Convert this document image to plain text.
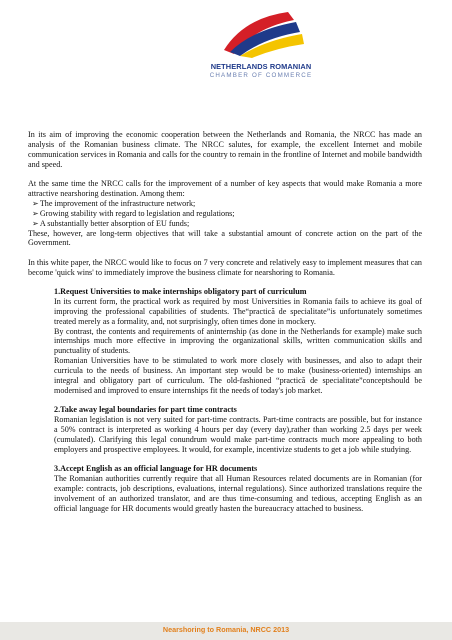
NETHERLANDS ROMANIAN
CHAMBER OF COMMERCE

In its aim of improving the economic cooperation between the Netherlands and Romania, the NRCC has made an analysis of the Romanian business climate. The NRCC salutes, for example, the excellent Internet and mobile communication services in Romania and calls for the country to remain in the frontline of Internet and mobile bandwidth and speed.

At the same time the NRCC calls for the improvement of a number of key aspects that would make Romania a more attractive nearshoring destination. Among them:

➢ The improvement of the infrastructure network;
➢ Growing stability with regard to legislation and regulations;
➢ A substantially better absorption of EU funds;

These, however, are long-term objectives that will take a substantial amount of concrete action on the part of the Government.

In this white paper, the NRCC would like to focus on 7 very concrete and relatively easy to implement measures that can become 'quick wins' to immediately improve the business climate for nearshoring to Romania.

1.Request Universities to make internships obligatory part of curriculum

In its current form, the practical work as required by most Universities in Romania fails to achieve its goal of improving the professional capabilities of students. The“practică de specialitate”is unfortunately sometimes treated merely as a formality, and, not surprisingly, often times done in mockery.

By contrast, the contents and requirements of aninternship (as done in the Netherlands for example) make such internships much more effective in improving the organizational skills, written communication skills and punctuality of students.

Romanian Universities have to be stimulated to work more closely with businesses, and also to adapt their curricula to the needs of business. An important step would be to make (business-oriented) internships an integral and obligatory part of curriculum. The old-fashioned “practică de specialitate”conceptshould be modernised and improved to ensure internships fit the needs of today's job market.

2.Take away legal boundaries for part time contracts

Romanian legislation is not very suited for part-time contracts. Part-time contracts are possible, but for instance a 50% contract is interpreted as working 4 hours per day (every day),rather than working 2.5 days per week (cumulated). Clarifying this legal conundrum would make part-time contracts much more appealing to both employers and prospective employees. It would, for example, incentivize students to get a job while studying.

3.Accept English as an official language for HR documents

The Romanian authorities currently require that all Human Resources related documents are in Romanian (for example: contracts, job descriptions, evaluations, internal regulations). Since authorized translations require the involvement of an authorized translator, and are thus time-consuming and tedious, accepting English as an official language for HR documents would greatly hasten the bureaucracy attached to business.

Nearshoring to Romania, NRCC 2013
